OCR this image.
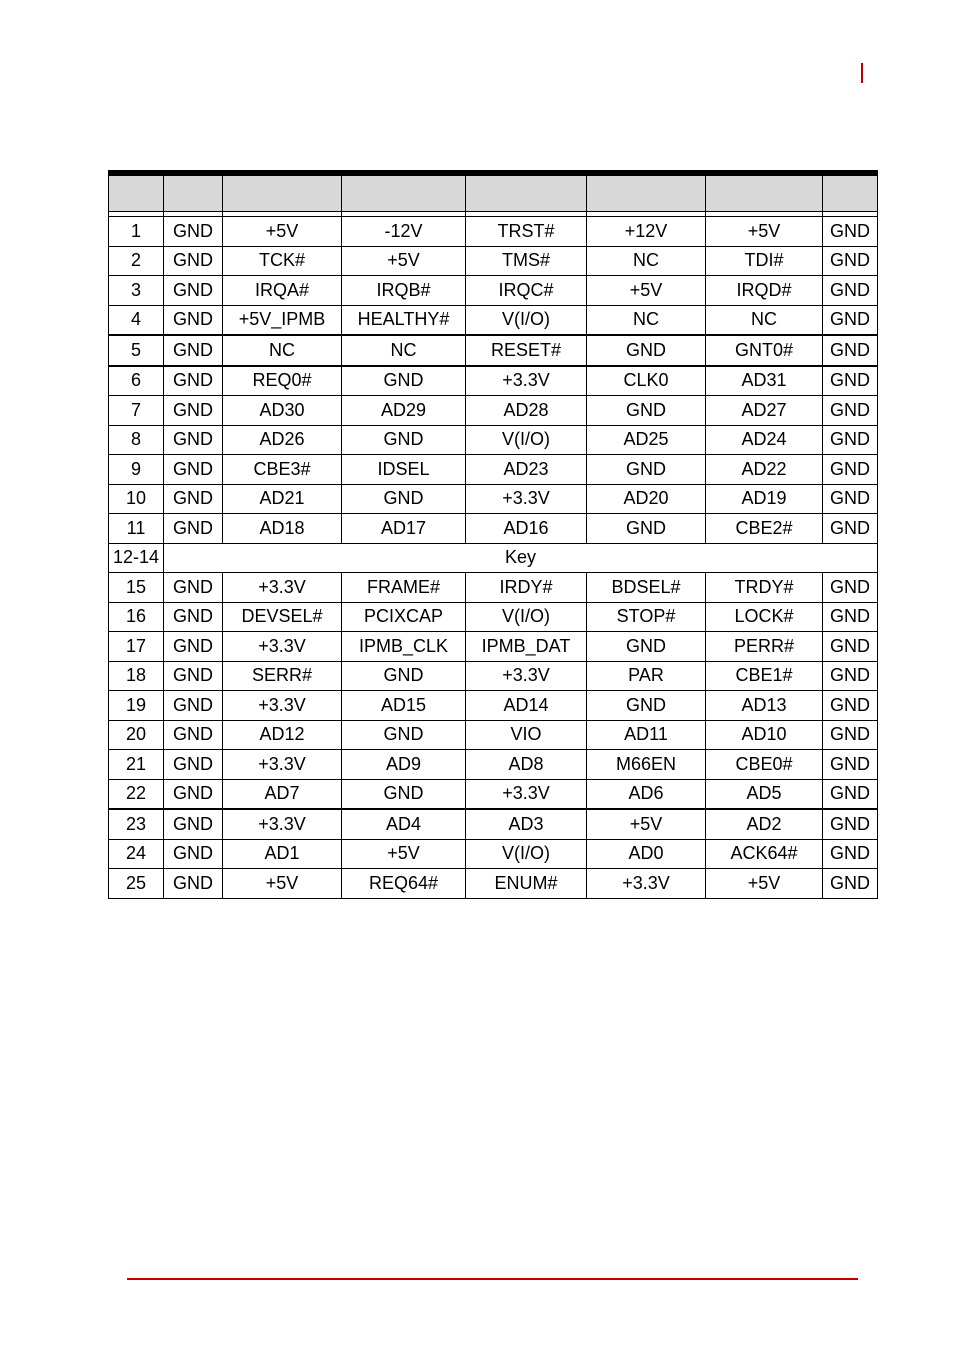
1	GND	+5V	-12V	TRST#	+12V	+5V	GND
2	GND	TCK#	+5V	TMS#	NC	TDI#	GND
3	GND	IRQA#	IRQB#	IRQC#	+5V	IRQD#	GND
4	GND	+5V_IPMB	HEALTHY#	V(I/O)	NC	NC	GND
5	GND	NC	NC	RESET#	GND	GNT0#	GND
6	GND	REQ0#	GND	+3.3V	CLK0	AD31	GND
7	GND	AD30	AD29	AD28	GND	AD27	GND
8	GND	AD26	GND	V(I/O)	AD25	AD24	GND
9	GND	CBE3#	IDSEL	AD23	GND	AD22	GND
10	GND	AD21	GND	+3.3V	AD20	AD19	GND
11	GND	AD18	AD17	AD16	GND	CBE2#	GND
12-14	Key						
15	GND	+3.3V	FRAME#	IRDY#	BDSEL#	TRDY#	GND
16	GND	DEVSEL#	PCIXCAP	V(I/O)	STOP#	LOCK#	GND
17	GND	+3.3V	IPMB_CLK	IPMB_DAT	GND	PERR#	GND
18	GND	SERR#	GND	+3.3V	PAR	CBE1#	GND
19	GND	+3.3V	AD15	AD14	GND	AD13	GND
20	GND	AD12	GND	VIO	AD11	AD10	GND
21	GND	+3.3V	AD9	AD8	M66EN	CBE0#	GND
22	GND	AD7	GND	+3.3V	AD6	AD5	GND
23	GND	+3.3V	AD4	AD3	+5V	AD2	GND
24	GND	AD1	+5V	V(I/O)	AD0	ACK64#	GND
25	GND	+5V	REQ64#	ENUM#	+3.3V	+5V	GND
